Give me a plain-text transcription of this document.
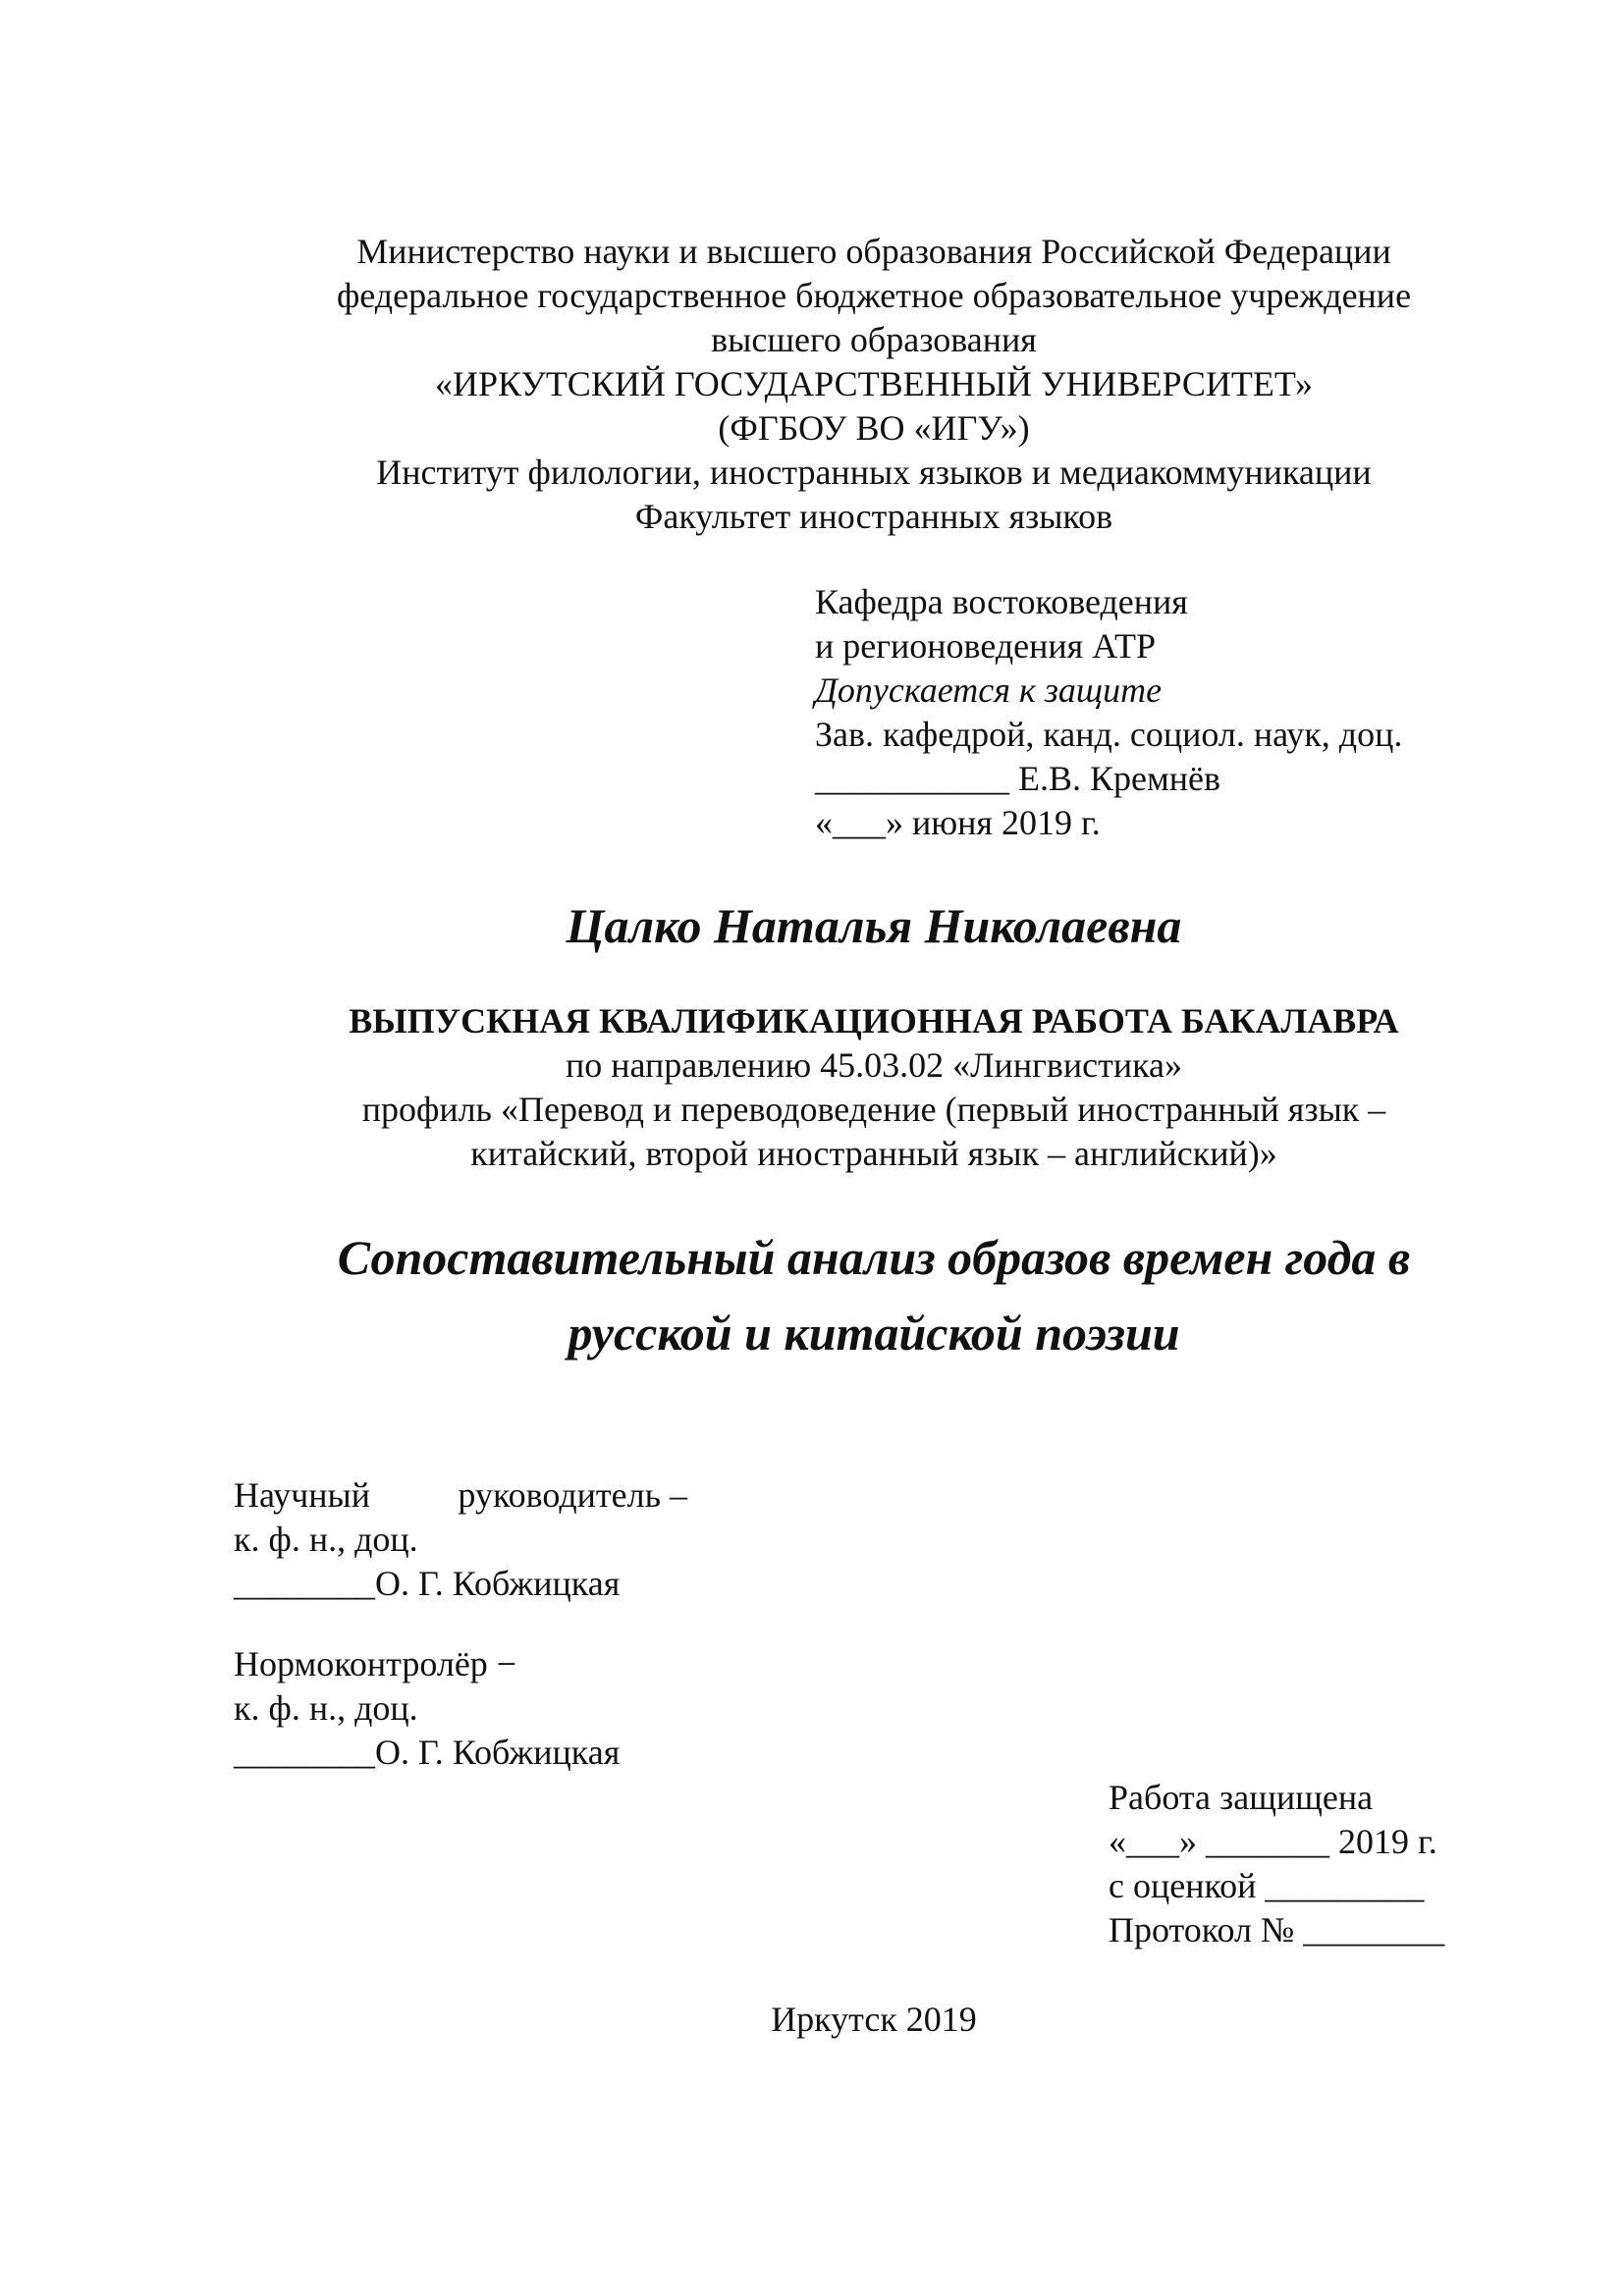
Министерство науки и высшего образования Российской Федерации
федеральное государственное бюджетное образовательное учреждение
высшего образования
«ИРКУТСКИЙ ГОСУДАРСТВЕННЫЙ УНИВЕРСИТЕТ»
(ФГБОУ ВО «ИГУ»)
Институт филологии, иностранных языков и медиакоммуникации
Факультет иностранных языков
Кафедра востоковедения
и регионоведения АТР
Допускается к защите
Зав. кафедрой, канд. социол. наук, доц.
___________ Е.В. Кремнёв
«___» июня 2019 г.
Цалко Наталья Николаевна
ВЫПУСКНАЯ КВАЛИФИКАЦИОННАЯ РАБОТА БАКАЛАВРА
по направлению 45.03.02 «Лингвистика»
профиль «Перевод и переводоведение (первый иностранный язык –
китайский, второй иностранный язык – английский)»
Сопоставительный анализ образов времен года в
русской и китайской поэзии
Научный руководитель –
к. ф. н., доц.
________О. Г. Кобжицкая
Нормоконтролёр −
к. ф. н., доц.
________О. Г. Кобжицкая
Работа защищена
«___» _______ 2019 г.
с оценкой _________
Протокол № ________
Иркутск 2019
